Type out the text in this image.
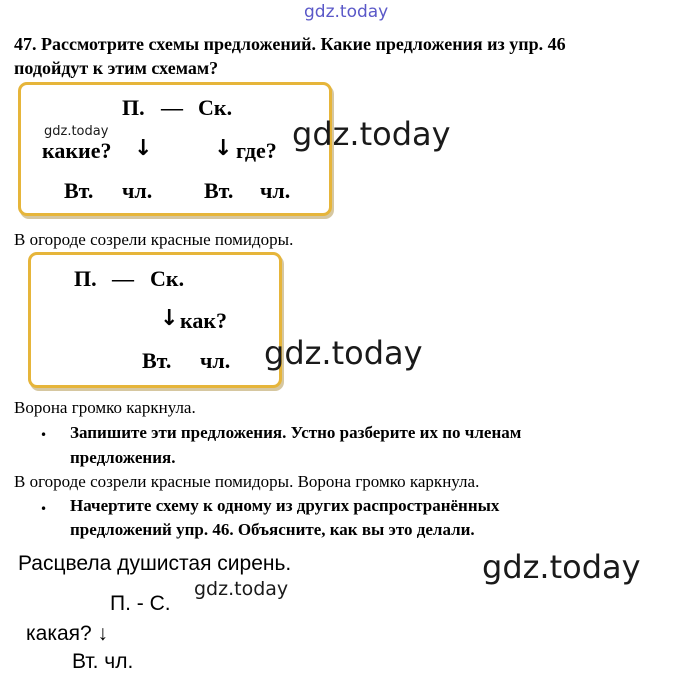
gdz.today
47. Рассмотрите схемы предложений. Какие предложения из упр. 46
подойдут к этим схемам?
П. — Ск.
gdz.today
какие? ↓	↓ где?
Вт. чл. Вт. чл.
gdz.today
В огороде созрели красные помидоры.
П. — Ск.
↓ как?
Вт. чл. gdz.today
Ворона громко каркнула.
• Запишите эти предложения. Устно разберите их по членам
предложения.
В огороде созрели красные помидоры. Ворона громко каркнула.
• Начертите схему к одному из других распространённых
предложений упр. 46. Объясните, как вы это делали.
Расцвела душистая сирень.	gdz.today
П. - С.
gdz.today
какая? ↓
Вт. чл.
